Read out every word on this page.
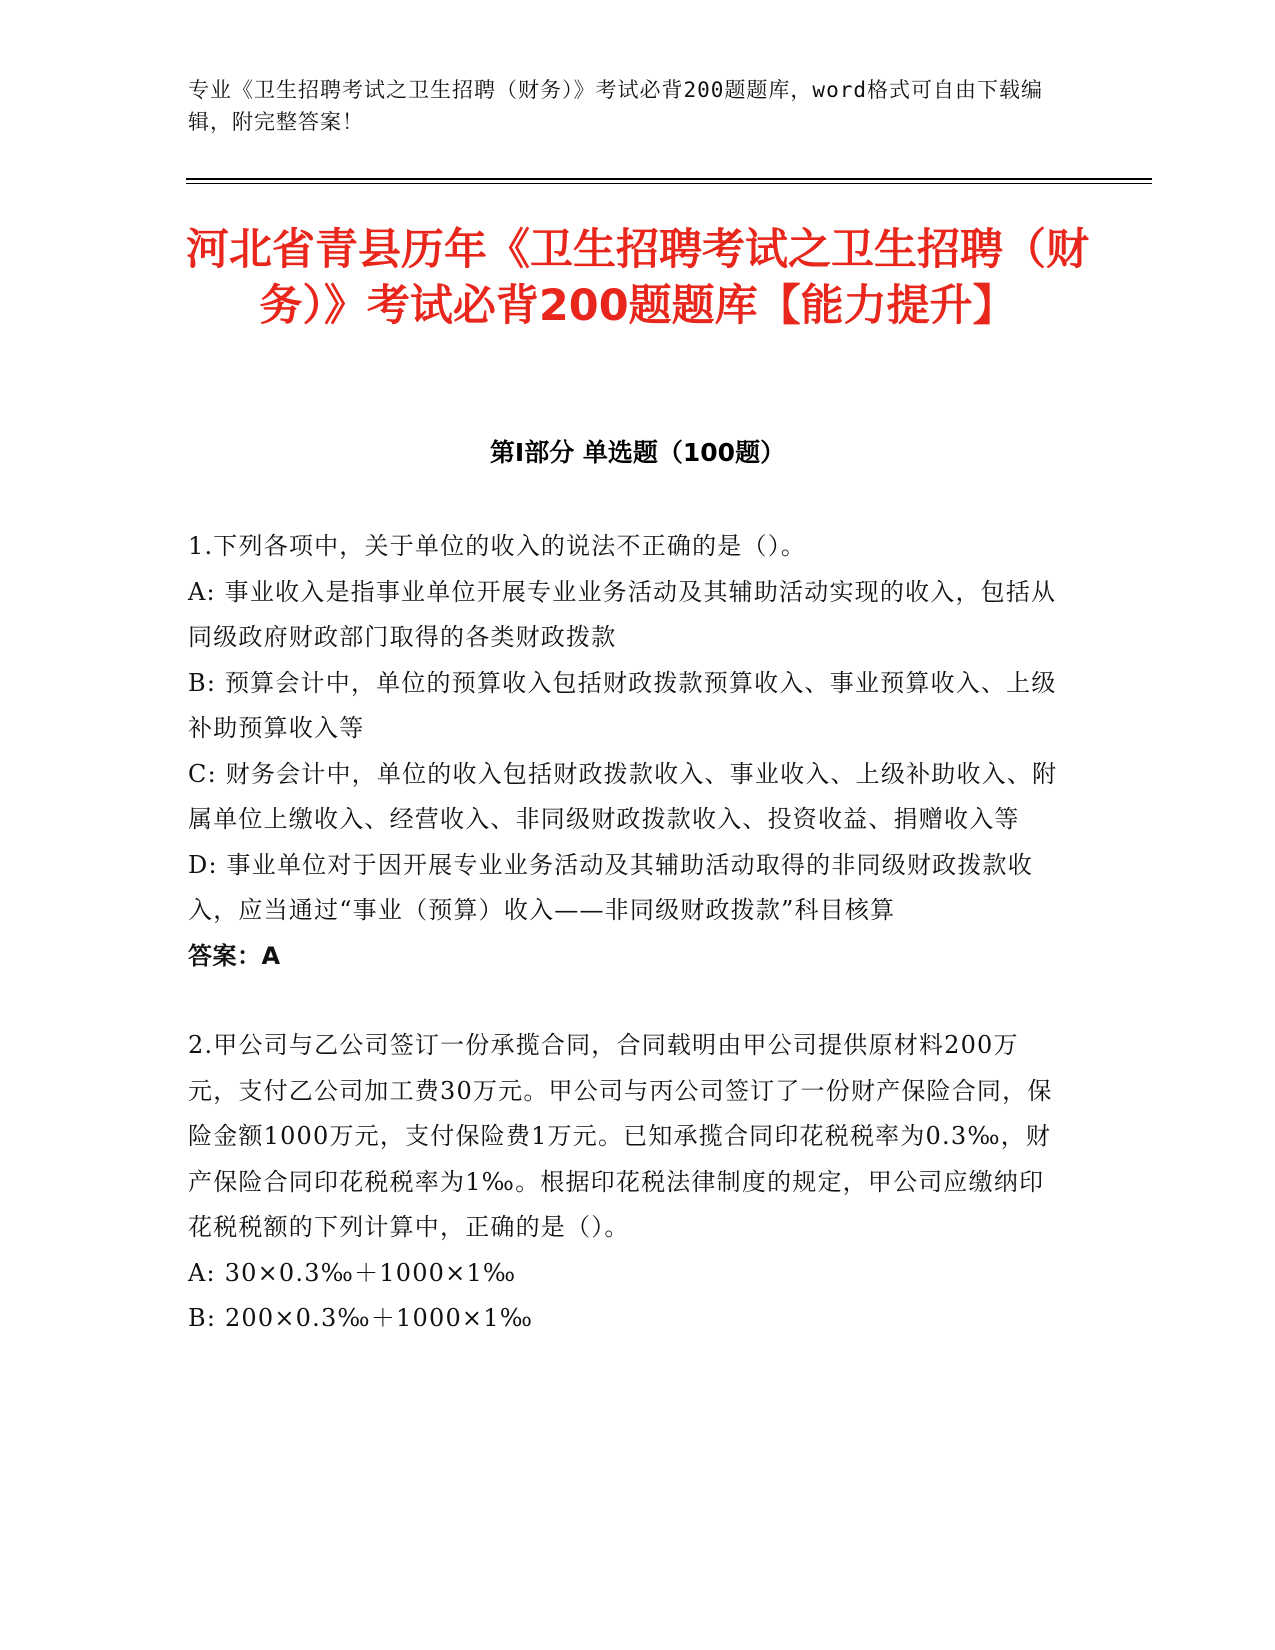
专业《卫生招聘考试之卫生招聘（财务）》考试必背200题题库，word格式可自由下载编辑，附完整答案！
河北省青县历年《卫生招聘考试之卫生招聘（财务）》考试必背200题题库【能力提升】
第I部分 单选题（100题）

1.下列各项中，关于单位的收入的说法不正确的是（）。

A: 事业收入是指事业单位开展专业业务活动及其辅助活动实现的收入，包括从同级政府财政部门取得的各类财政拨款

B: 预算会计中，单位的预算收入包括财政拨款预算收入、事业预算收入、上级补助预算收入等

C: 财务会计中，单位的收入包括财政拨款收入、事业收入、上级补助收入、附属单位上缴收入、经营收入、非同级财政拨款收入、投资收益、捐赠收入等

D: 事业单位对于因开展专业业务活动及其辅助活动取得的非同级财政拨款收入，应当通过“事业（预算）收入——非同级财政拨款”科目核算

答案：A

2.甲公司与乙公司签订一份承揽合同，合同载明由甲公司提供原材料200万元，支付乙公司加工费30万元。甲公司与丙公司签订了一份财产保险合同，保险金额1000万元，支付保险费1万元。已知承揽合同印花税税率为0.3‰，财产保险合同印花税税率为1‰。根据印花税法律制度的规定，甲公司应缴纳印花税税额的下列计算中，正确的是（）。

A: 30×0.3‰＋1000×1‰

B: 200×0.3‰＋1000×1‰
